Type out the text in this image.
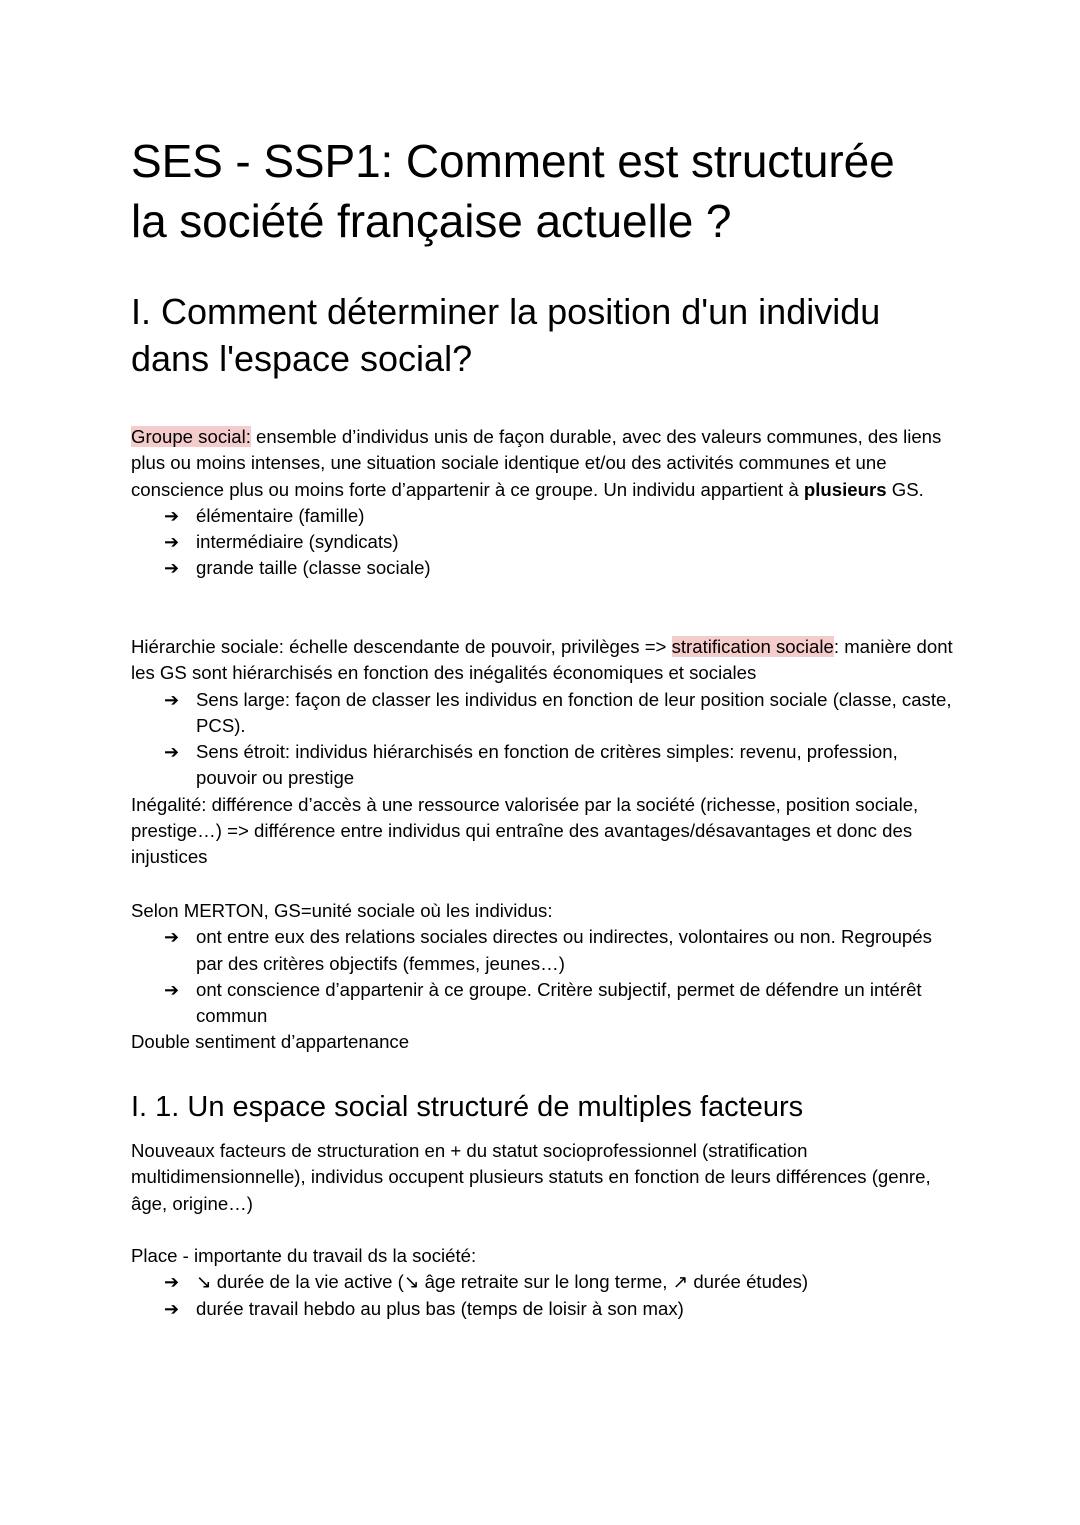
SES - SSP1: Comment est structurée
la société française actuelle ?
I. Comment déterminer la position d'un individu
dans l'espace social?

Groupe social: ensemble d’individus unis de façon durable, avec des valeurs communes, des liens plus ou moins intenses, une situation sociale identique et/ou des activités communes et une conscience plus ou moins forte d’appartenir à ce groupe. Un individu appartient à plusieurs GS.

➔ élémentaire (famille)
➔ intermédiaire (syndicats)
➔ grande taille (classe sociale)

Hiérarchie sociale: échelle descendante de pouvoir, privilèges => stratification sociale: manière dont les GS sont hiérarchisés en fonction des inégalités économiques et sociales

➔ Sens large: façon de classer les individus en fonction de leur position sociale (classe, caste, PCS).
➔ Sens étroit: individus hiérarchisés en fonction de critères simples: revenu, profession, pouvoir ou prestige

Inégalité: différence d’accès à une ressource valorisée par la société (richesse, position sociale, prestige…) => différence entre individus qui entraîne des avantages/désavantages et donc des injustices

Selon MERTON, GS=unité sociale où les individus:

➔ ont entre eux des relations sociales directes ou indirectes, volontaires ou non. Regroupés par des critères objectifs (femmes, jeunes…)
➔ ont conscience d’appartenir à ce groupe. Critère subjectif, permet de défendre un intérêt commun

Double sentiment d’appartenance

I. 1. Un espace social structuré de multiples facteurs

Nouveaux facteurs de structuration en + du statut socioprofessionnel (stratification multidimensionnelle), individus occupent plusieurs statuts en fonction de leurs différences (genre, âge, origine…)

Place - importante du travail ds la société:

➔ ↘ durée de la vie active (↘ âge retraite sur le long terme, ↗ durée études)
➔ durée travail hebdo au plus bas (temps de loisir à son max)
